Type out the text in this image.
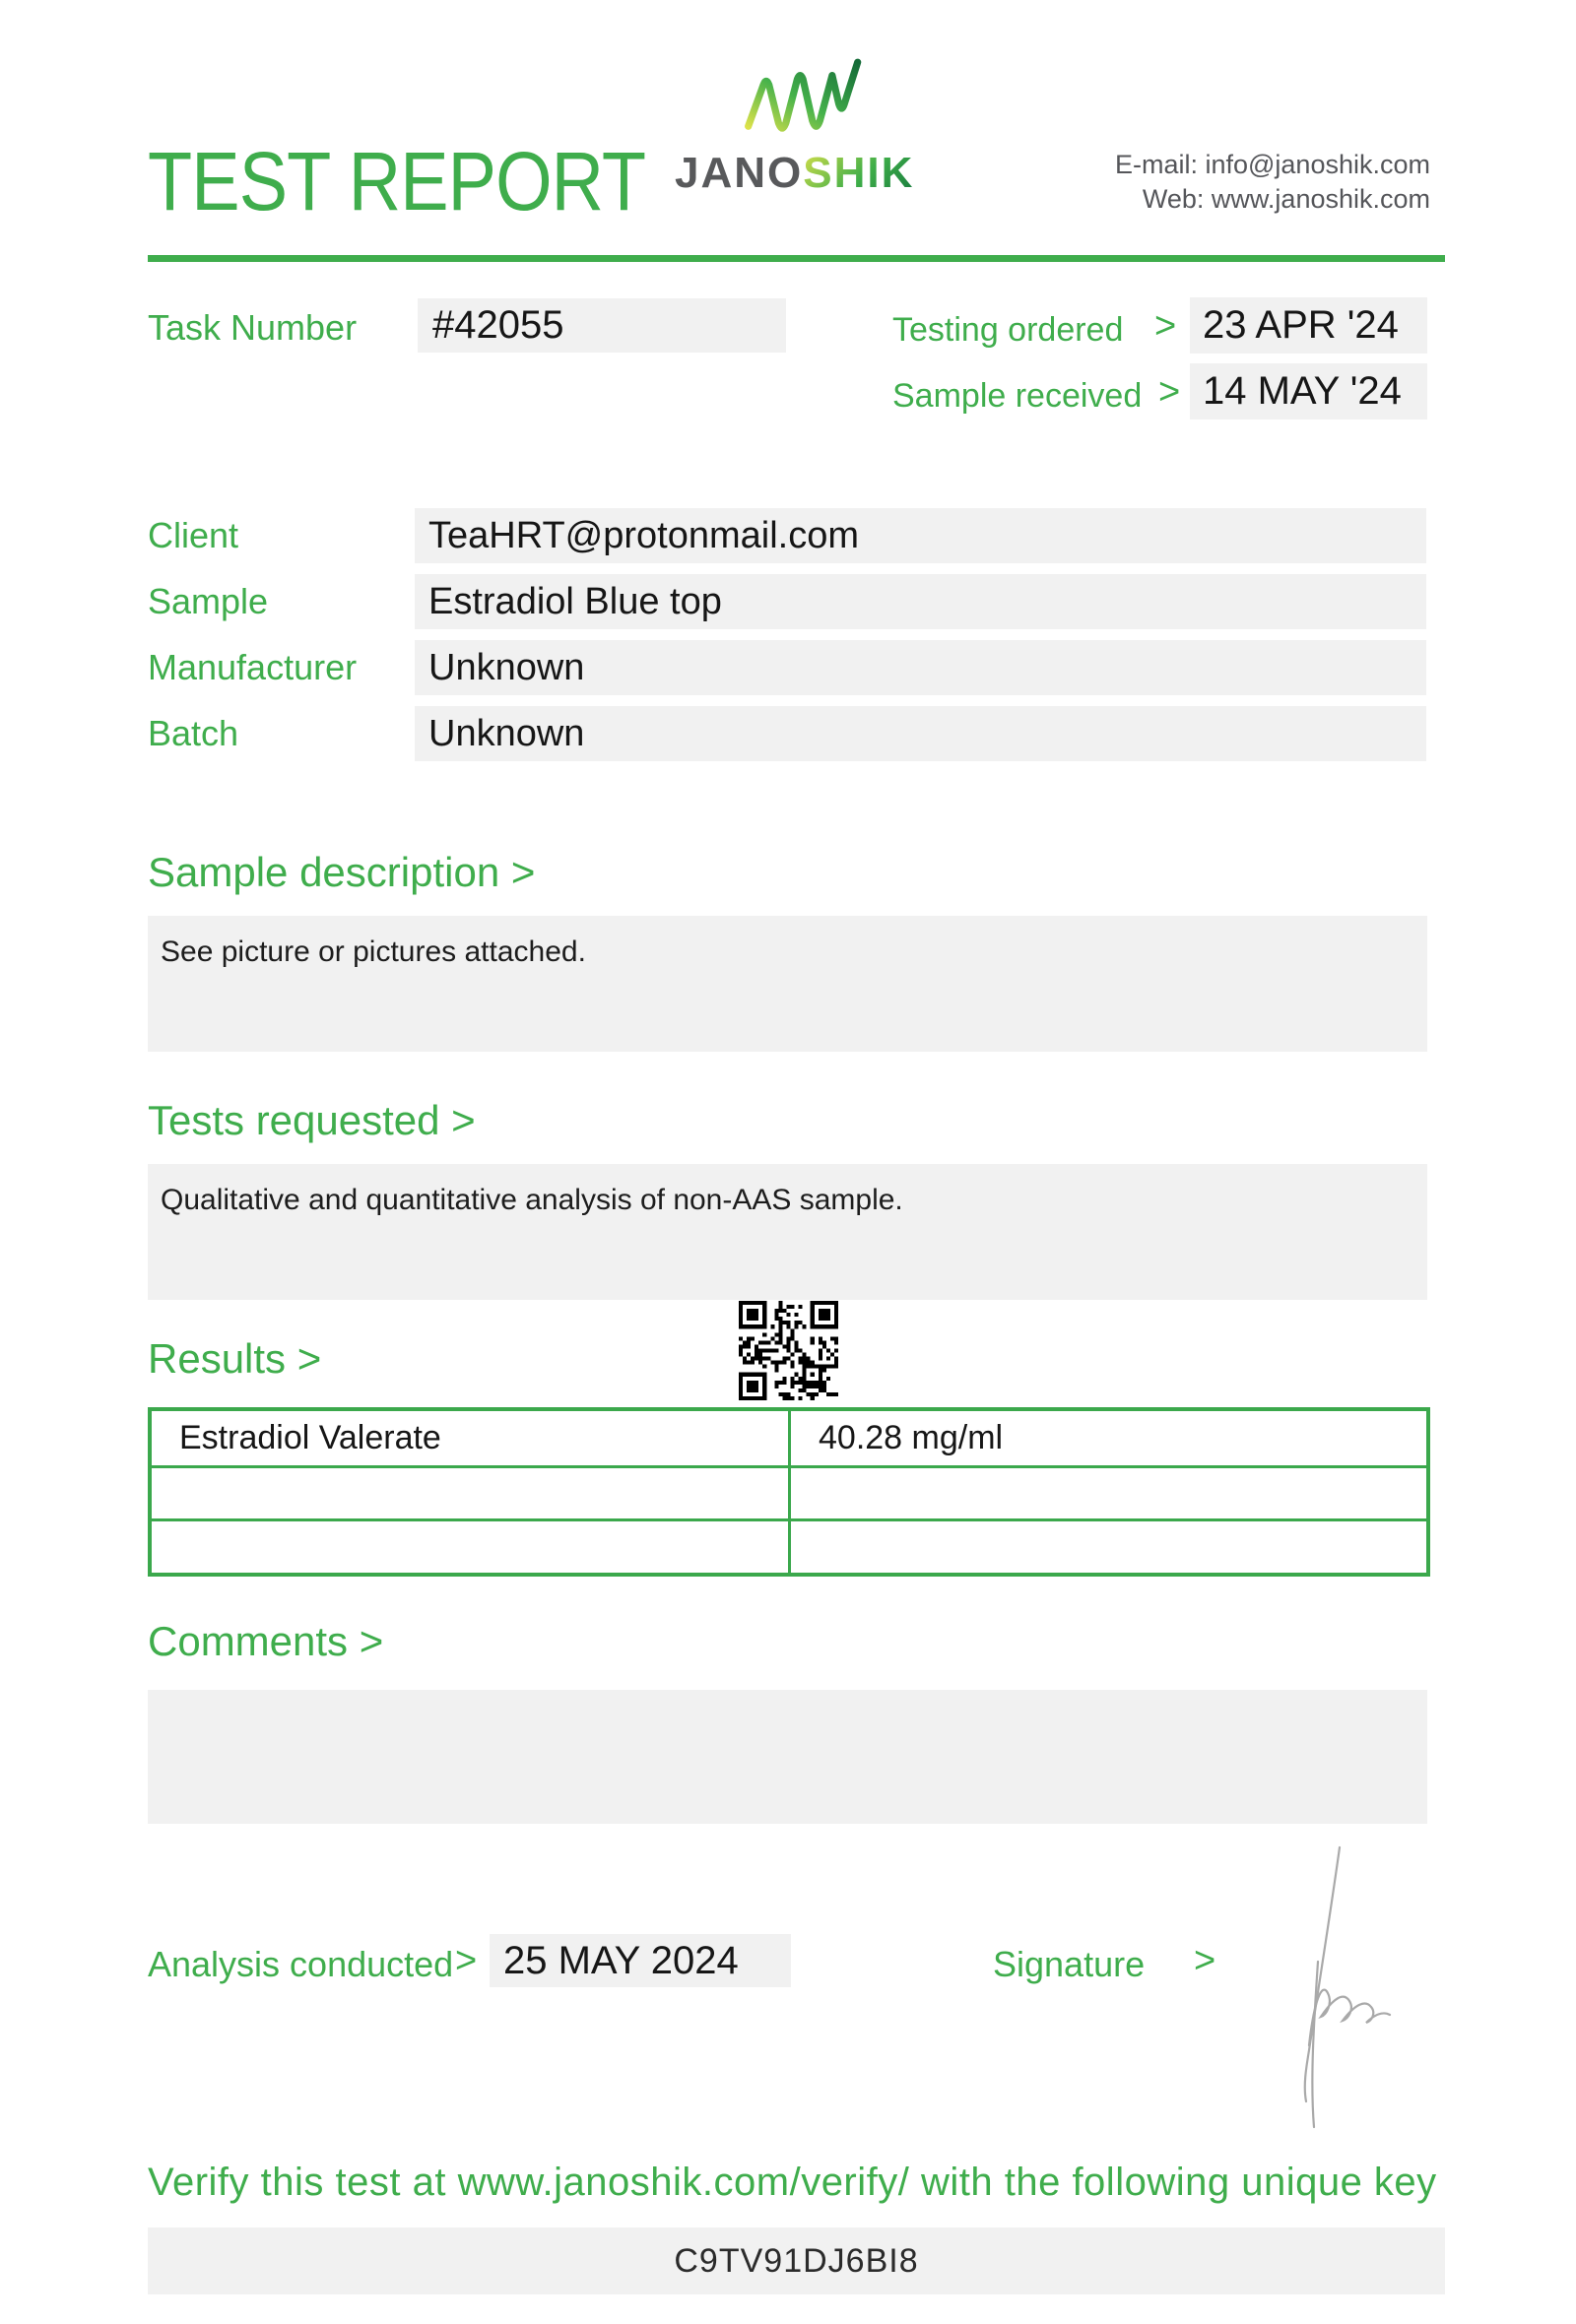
TEST REPORT JANOSHIK	E-mail: info@janoshik.com
Web: www.janoshik.com
Task Number	#42055	Testing ordered > 23 APR '24
Sample received > 14 MAY '24
Client	TeaHRT@protonmail.com
Sample	Estradiol Blue top
Manufacturer	Unknown
Batch	Unknown
Sample description >
See picture or pictures attached.
Tests requested >
Qualitative and quantitative analysis of non-AAS sample.
Results >
Estradiol Valerate	40.28 mg/ml
Comments >
Analysis conducted > 25 MAY 2024	Signature >
Verify this test at www.janoshik.com/verify/ with the following unique key
C9TV91DJ6BI8
